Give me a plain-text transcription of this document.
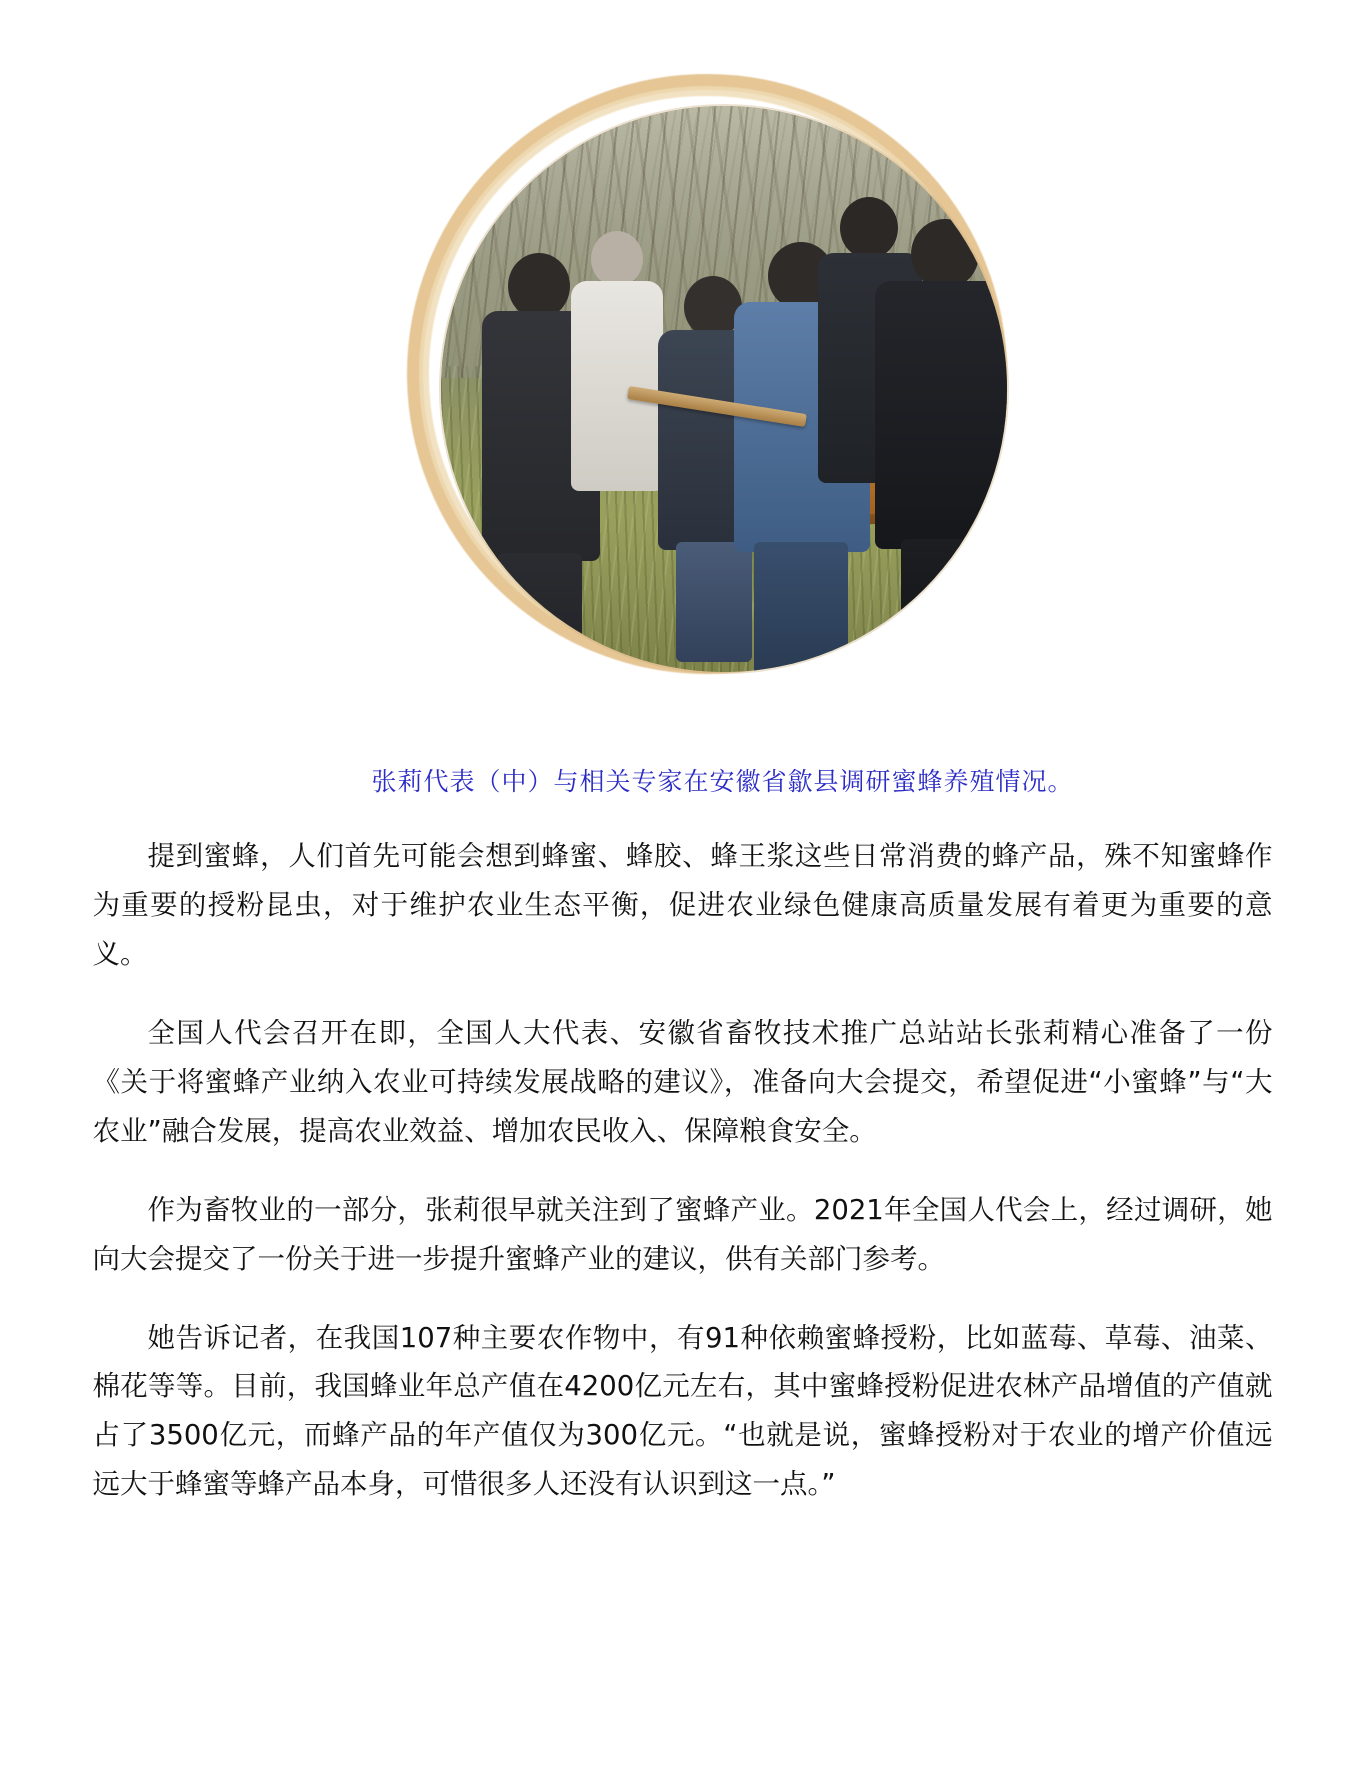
张莉代表（中）与相关专家在安徽省歙县调研蜜蜂养殖情况。

提到蜜蜂，人们首先可能会想到蜂蜜、蜂胶、蜂王浆这些日常消费的蜂产品，殊不知蜜蜂作为重要的授粉昆虫，对于维护农业生态平衡，促进农业绿色健康高质量发展有着更为重要的意义。

全国人代会召开在即，全国人大代表、安徽省畜牧技术推广总站站长张莉精心准备了一份《关于将蜜蜂产业纳入农业可持续发展战略的建议》，准备向大会提交，希望促进“小蜜蜂”与“大农业”融合发展，提高农业效益、增加农民收入、保障粮食安全。

作为畜牧业的一部分，张莉很早就关注到了蜜蜂产业。2021年全国人代会上，经过调研，她向大会提交了一份关于进一步提升蜜蜂产业的建议，供有关部门参考。

她告诉记者，在我国107种主要农作物中，有91种依赖蜜蜂授粉，比如蓝莓、草莓、油菜、棉花等等。目前，我国蜂业年总产值在4200亿元左右，其中蜜蜂授粉促进农林产品增值的产值就占了3500亿元，而蜂产品的年产值仅为300亿元。“也就是说，蜜蜂授粉对于农业的增产价值远远大于蜂蜜等蜂产品本身，可惜很多人还没有认识到这一点。”
